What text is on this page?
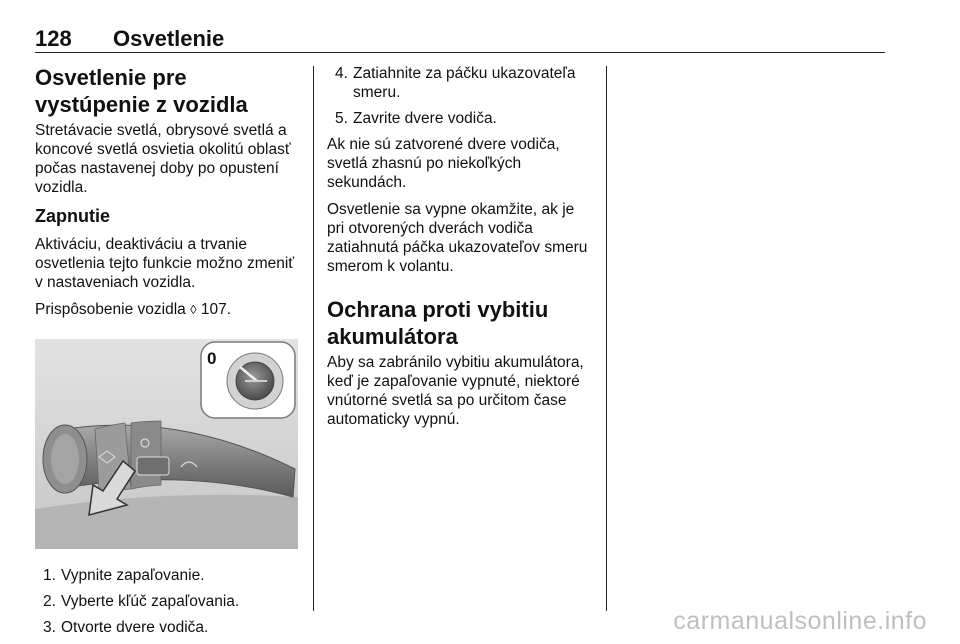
128 Osvetlenie
Osvetlenie pre vystúpenie z vozidla

Stretávacie svetlá, obrysové svetlá a koncové svetlá osvietia okolitú oblasť počas nastavenej doby po opustení vozidla.

Zapnutie

Aktiváciu, deaktiváciu a trvanie osvetlenia tejto funkcie možno zmeniť v nastaveniach vozidla.

Prispôsobenie vozidla ◊ 107.

0
1. Vypnite zapaľovanie.
2. Vyberte kľúč zapaľovania.
3. Otvorte dvere vodiča.
4. Zatiahnite za páčku ukazovateľa smeru.
5. Zavrite dvere vodiča.

Ak nie sú zatvorené dvere vodiča, svetlá zhasnú po niekoľkých sekundách.

Osvetlenie sa vypne okamžite, ak je pri otvorených dverách vodiča zatiahnutá páčka ukazovateľov smeru smerom k volantu.

Ochrana proti vybitiu akumulátora

Aby sa zabránilo vybitiu akumulátora, keď je zapaľovanie vypnuté, niektoré vnútorné svetlá sa po určitom čase automaticky vypnú.

carmanualsonline.info
